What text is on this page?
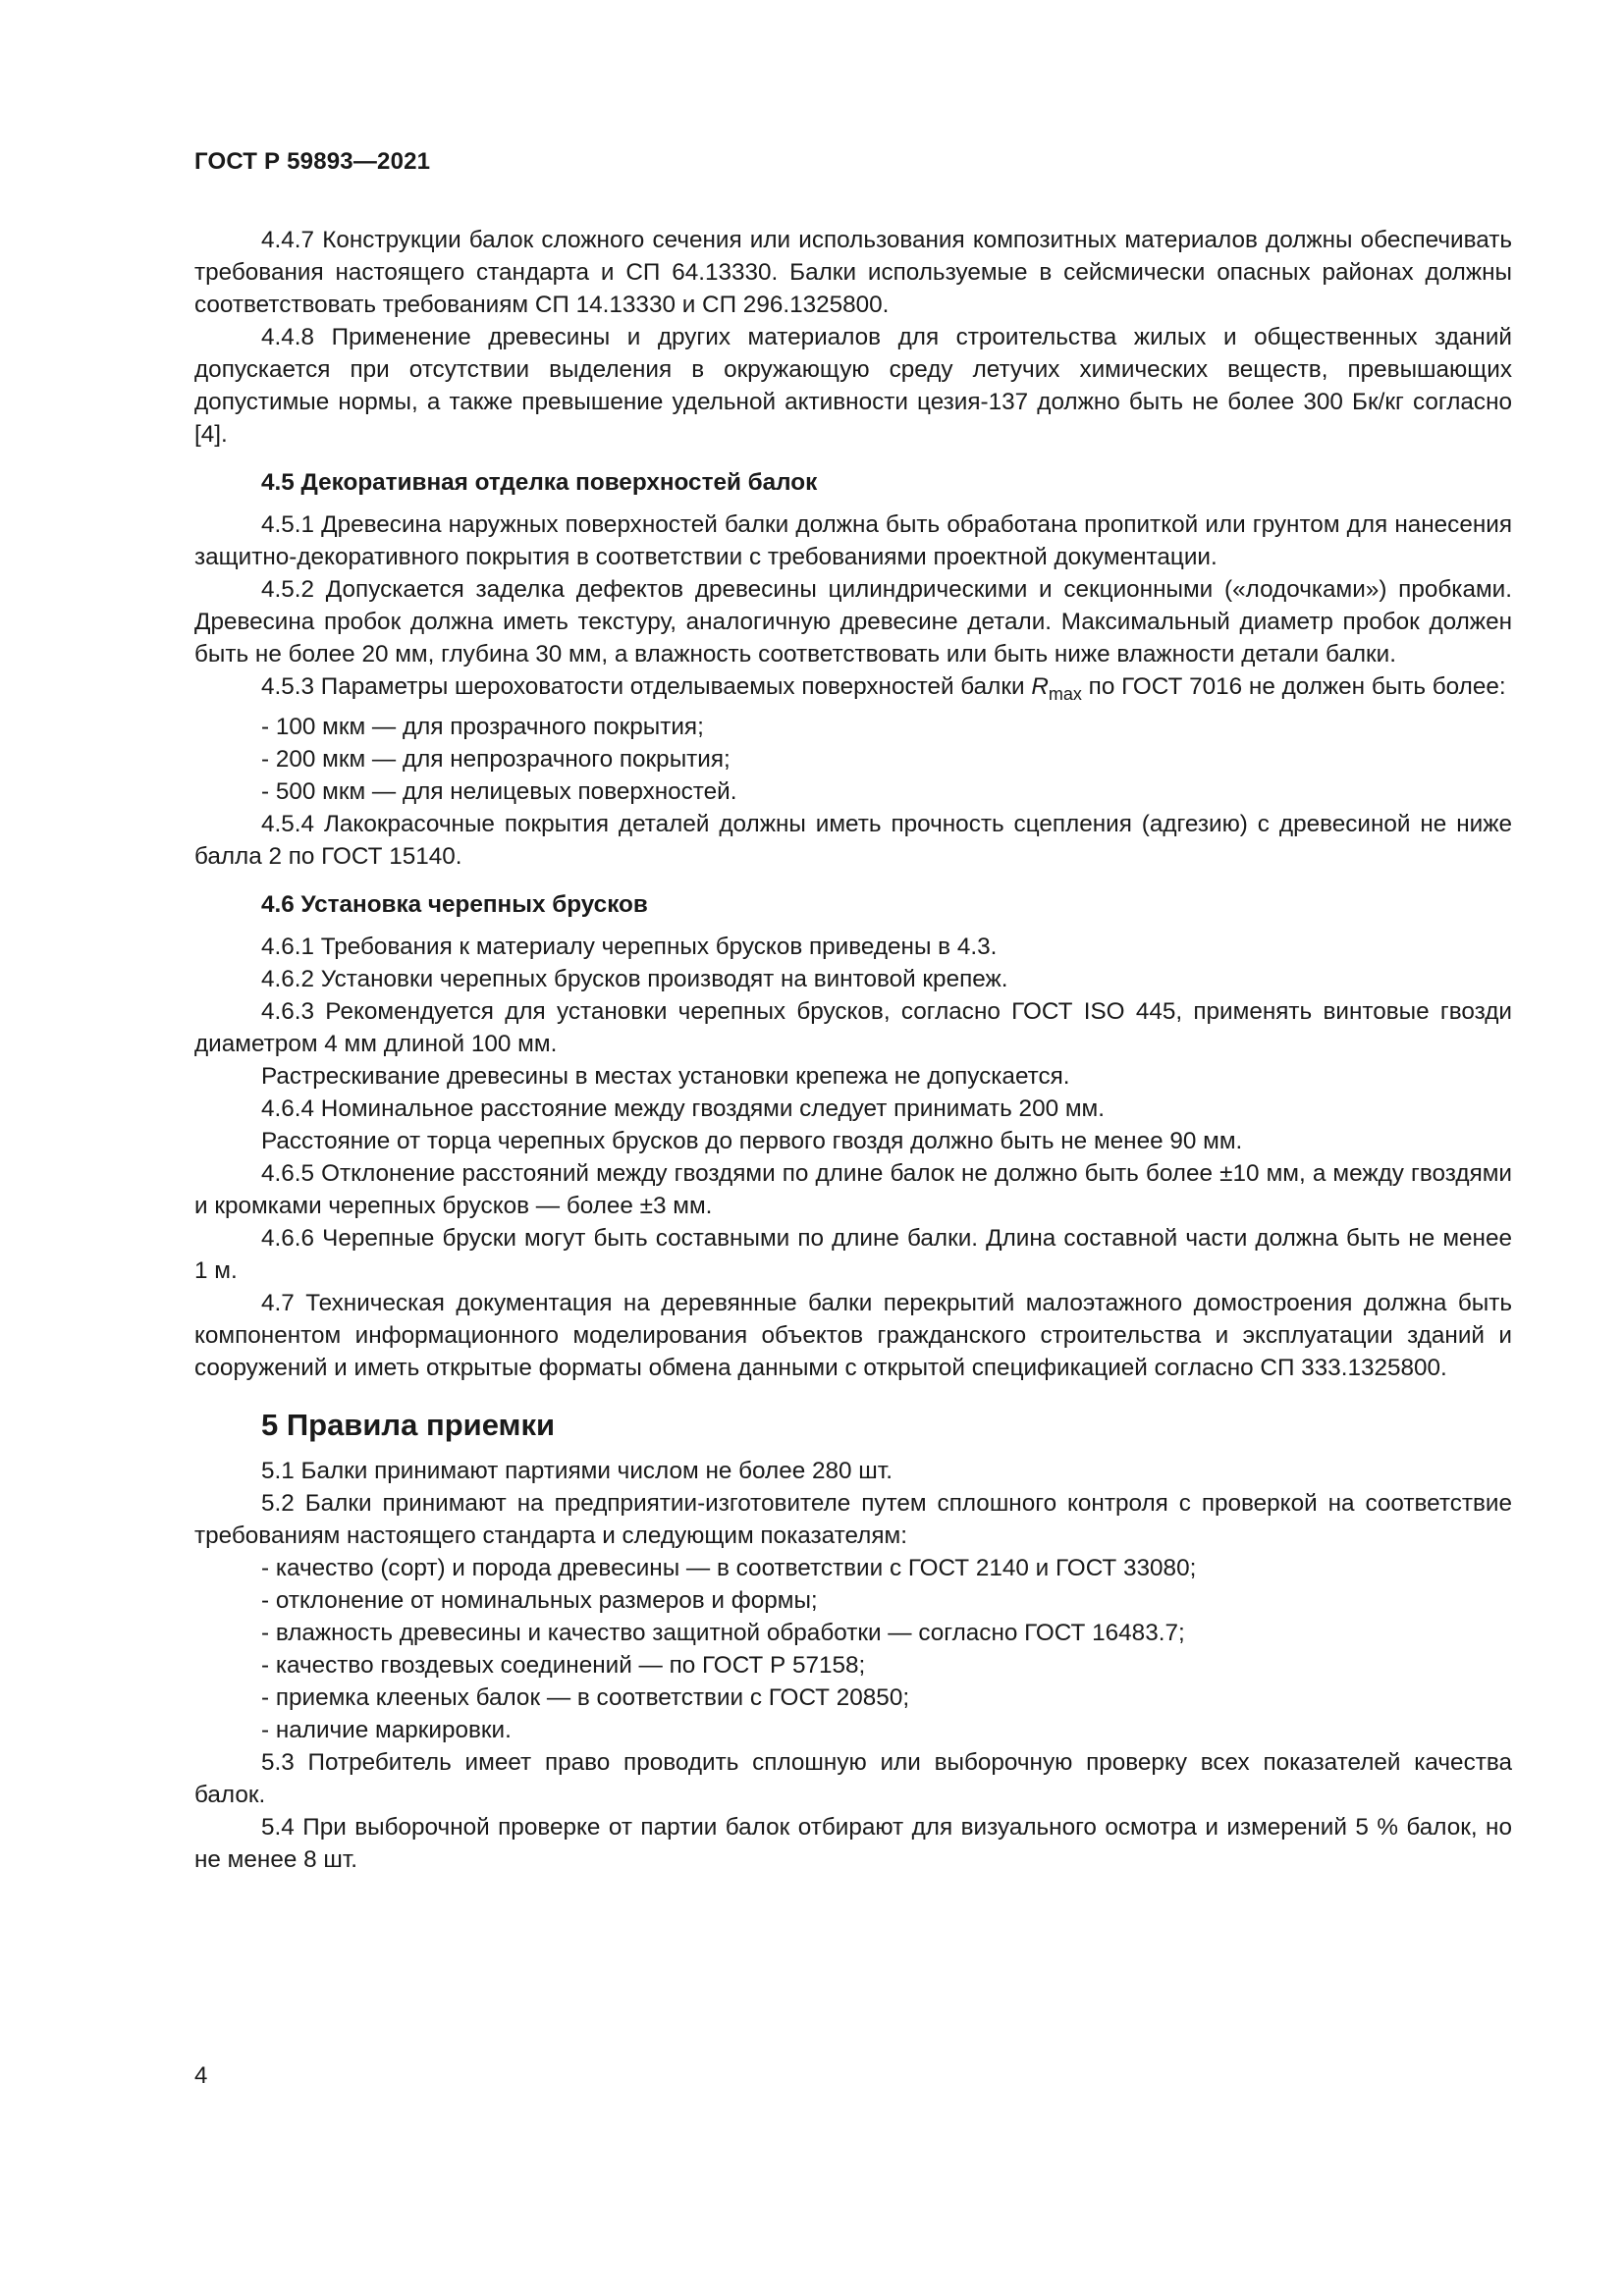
ГОСТ Р 59893—2021

4.4.7 Конструкции балок сложного сечения или использования композитных материалов должны обеспечивать требования настоящего стандарта и СП 64.13330. Балки используемые в сейсмически опасных районах должны соответствовать требованиям СП 14.13330 и СП 296.1325800.

4.4.8 Применение древесины и других материалов для строительства жилых и общественных зданий допускается при отсутствии выделения в окружающую среду летучих химических веществ, превышающих допустимые нормы, а также превышение удельной активности цезия-137 должно быть не более 300 Бк/кг согласно [4].

4.5 Декоративная отделка поверхностей балок

4.5.1 Древесина наружных поверхностей балки должна быть обработана пропиткой или грунтом для нанесения защитно-декоративного покрытия в соответствии с требованиями проектной документации.

4.5.2 Допускается заделка дефектов древесины цилиндрическими и секционными («лодочками») пробками. Древесина пробок должна иметь текстуру, аналогичную древесине детали. Максимальный диаметр пробок должен быть не более 20 мм, глубина 30 мм, а влажность соответствовать или быть ниже влажности детали балки.

4.5.3 Параметры шероховатости отделываемых поверхностей балки $R_{max}$ по ГОСТ 7016 не должен быть более:

- 100 мкм — для прозрачного покрытия;

- 200 мкм — для непрозрачного покрытия;

- 500 мкм — для нелицевых поверхностей.

4.5.4 Лакокрасочные покрытия деталей должны иметь прочность сцепления (адгезию) с древесиной не ниже балла 2 по ГОСТ 15140.

4.6 Установка черепных брусков

4.6.1 Требования к материалу черепных брусков приведены в 4.3.

4.6.2 Установки черепных брусков производят на винтовой крепеж.

4.6.3 Рекомендуется для установки черепных брусков, согласно ГОСТ ISO 445, применять винтовые гвозди диаметром 4 мм длиной 100 мм.

Растрескивание древесины в местах установки крепежа не допускается.

4.6.4 Номинальное расстояние между гвоздями следует принимать 200 мм.

Расстояние от торца черепных брусков до первого гвоздя должно быть не менее 90 мм.

4.6.5 Отклонение расстояний между гвоздями по длине балок не должно быть более ±10 мм, а между гвоздями и кромками черепных брусков — более ±3 мм.

4.6.6 Черепные бруски могут быть составными по длине балки. Длина составной части должна быть не менее 1 м.

4.7 Техническая документация на деревянные балки перекрытий малоэтажного домостроения должна быть компонентом информационного моделирования объектов гражданского строительства и эксплуатации зданий и сооружений и иметь открытые форматы обмена данными с открытой спецификацией согласно СП 333.1325800.

5 Правила приемки

5.1 Балки принимают партиями числом не более 280 шт.

5.2 Балки принимают на предприятии-изготовителе путем сплошного контроля с проверкой на соответствие требованиям настоящего стандарта и следующим показателям:

- качество (сорт) и порода древесины — в соответствии с ГОСТ 2140 и ГОСТ 33080;

- отклонение от номинальных размеров и формы;

- влажность древесины и качество защитной обработки — согласно ГОСТ 16483.7;

- качество гвоздевых соединений — по ГОСТ Р 57158;

- приемка клееных балок — в соответствии с ГОСТ 20850;

- наличие маркировки.

5.3 Потребитель имеет право проводить сплошную или выборочную проверку всех показателей качества балок.

5.4 При выборочной проверке от партии балок отбирают для визуального осмотра и измерений 5 % балок, но не менее 8 шт.

4
